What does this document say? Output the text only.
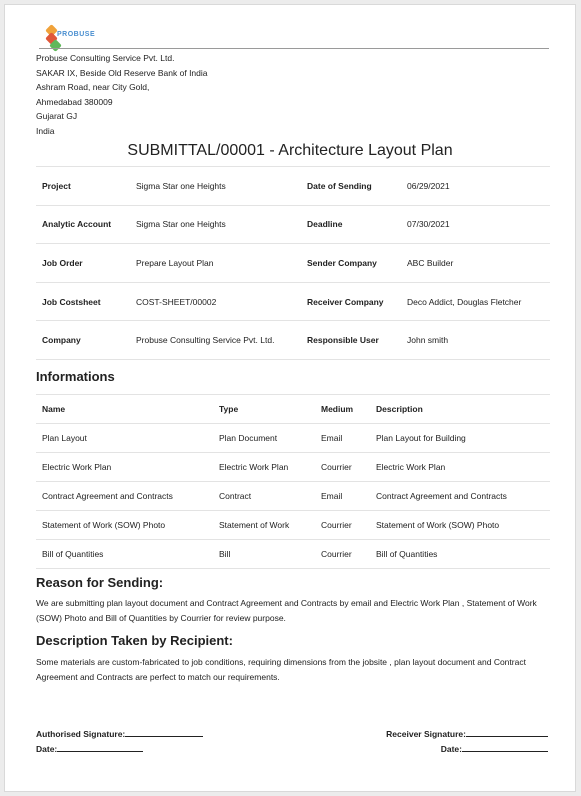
PROBUSE
Probuse Consulting Service Pvt. Ltd.
SAKAR IX, Beside Old Reserve Bank of India
Ashram Road, near City Gold,
Ahmedabad 380009
Gujarat GJ
India
SUBMITTAL/00001 - Architecture Layout Plan
Project	Sigma Star one Heights	Date of Sending	06/29/2021
Analytic Account	Sigma Star one Heights	Deadline	07/30/2021
Job Order	Prepare Layout Plan	Sender Company	ABC Builder
Job Costsheet	COST-SHEET/00002	Receiver Company	Deco Addict, Douglas Fletcher
Company	Probuse Consulting Service Pvt. Ltd.	Responsible User	John smith
Informations
Name	Type	Medium	Description
Plan Layout	Plan Document	Email	Plan Layout for Building
Electric Work Plan	Electric Work Plan	Courrier	Electric Work Plan
Contract Agreement and Contracts	Contract	Email	Contract Agreement and Contracts
Statement of Work (SOW) Photo	Statement of Work	Courrier	Statement of Work (SOW) Photo
Bill of Quantities	Bill	Courrier	Bill of Quantities
Reason for Sending:
We are submitting plan layout document and Contract Agreement and Contracts by email and Electric Work Plan , Statement of Work (SOW) Photo and Bill of Quantities by Courrier for review purpose.
Description Taken by Recipient:
Some materials are custom-fabricated to job conditions, requiring dimensions from the jobsite , plan layout document and Contract Agreement and Contracts are perfect to match our requirements.
Authorised Signature:
Date:
Receiver Signature:
Date:
